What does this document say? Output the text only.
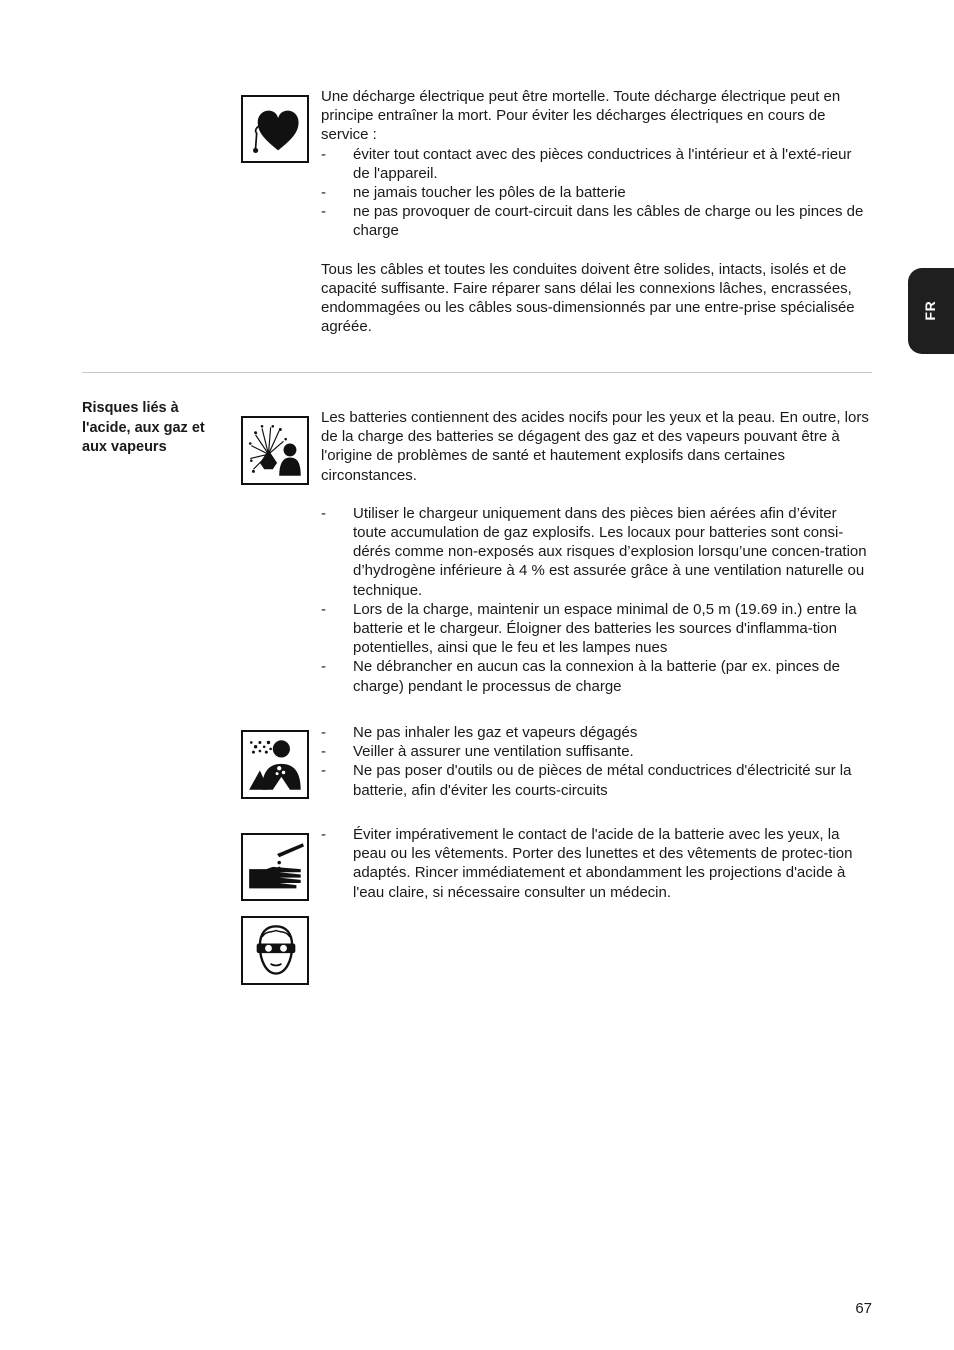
FR

Une décharge électrique peut être mortelle. Toute décharge électrique peut en principe entraîner la mort. Pour éviter les décharges électriques en cours de service :

- éviter tout contact avec des pièces conductrices à l'intérieur et à l'exté-rieur de l'appareil.
- ne jamais toucher les pôles de la batterie
- ne pas provoquer de court-circuit dans les câbles de charge ou les pinces de charge

Tous les câbles et toutes les conduites doivent être solides, intacts, isolés et de capacité suffisante. Faire réparer sans délai les connexions lâches, encrassées, endommagées ou les câbles sous-dimensionnés par une entre-prise spécialisée agréée.

Risques liés à l'acide, aux gaz et aux vapeurs

Les batteries contiennent des acides nocifs pour les yeux et la peau. En outre, lors de la charge des batteries se dégagent des gaz et des vapeurs pouvant être à l'origine de problèmes de santé et hautement explosifs dans certaines circonstances.

- Utiliser le chargeur uniquement dans des pièces bien aérées afin d’éviter toute accumulation de gaz explosifs. Les locaux pour batteries sont consi-dérés comme non-exposés aux risques d’explosion lorsqu’une concen-tration d’hydrogène inférieure à 4 % est assurée grâce à une ventilation naturelle ou technique.
- Lors de la charge, maintenir un espace minimal de 0,5 m (19.69 in.) entre la batterie et le chargeur. Éloigner des batteries les sources d'inflamma-tion potentielles, ainsi que le feu et les lampes nues
- Ne débrancher en aucun cas la connexion à la batterie (par ex. pinces de charge) pendant le processus de charge
- Ne pas inhaler les gaz et vapeurs dégagés
- Veiller à assurer une ventilation suffisante.
- Ne pas poser d'outils ou de pièces de métal conductrices d'électricité sur la batterie, afin d'éviter les courts-circuits
- Éviter impérativement le contact de l'acide de la batterie avec les yeux, la peau ou les vêtements. Porter des lunettes et des vêtements de protec-tion adaptés. Rincer immédiatement et abondamment les projections d'acide à l'eau claire, si nécessaire consulter un médecin.
67
